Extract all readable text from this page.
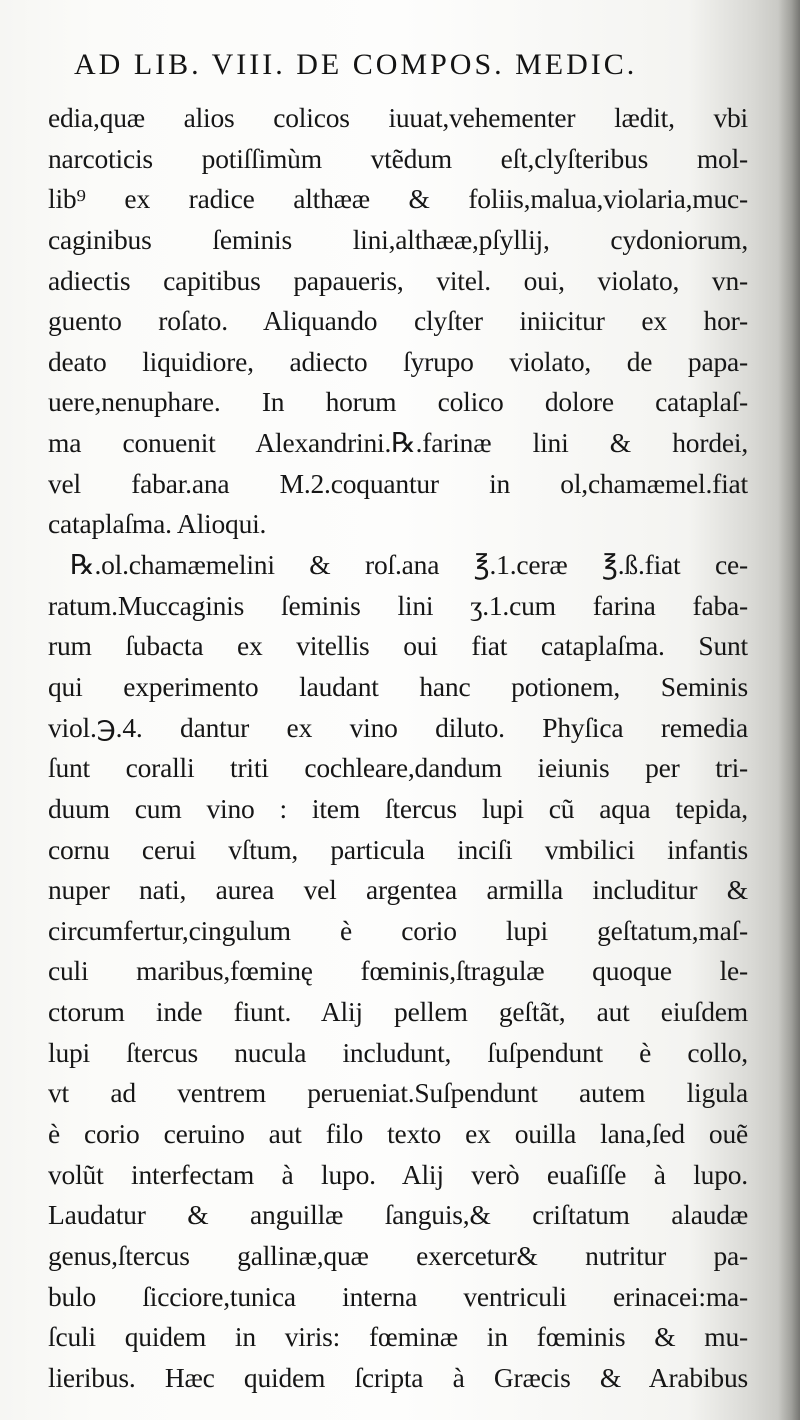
AD LIB. VIII. DE COMPOS. MEDIC.
edia,quæ alios colicos iuuat,vehementer lædit, vbi
narcoticis potiſſimùm vtẽdum eſt,clyſteribus mol-
lib⁹ ex radice althææ & foliis,malua,violaria,muc-
caginibus ſeminis lini,althææ,pſyllij, cydoniorum,
adiectis capitibus papaueris, vitel. oui, violato, vn-
guento roſato. Aliquando clyſter iniicitur ex hor-
deato liquidiore, adiecto ſyrupo violato, de papa-
uere,nenuphare. In horum colico dolore cataplaſ-
ma conuenit Alexandrini.℞.farinæ lini & hordei,
vel fabar.ana M.2.coquantur in ol,chamæmel.fiat
cataplaſma. Alioqui.
℞.ol.chamæmelini & roſ.ana ℥.1.ceræ ℥.ß.fiat ce-
ratum.Muccaginis ſeminis lini ʒ.1.cum farina faba-
rum ſubacta ex vitellis oui fiat cataplaſma. Sunt
qui experimento laudant hanc potionem, Seminis
viol.℈.4. dantur ex vino diluto. Phyſica remedia
ſunt coralli triti cochleare,dandum ieiunis per tri-
duum cum vino : item ſtercus lupi cũ aqua tepida,
cornu cerui vſtum, particula inciſi vmbilici infantis
nuper nati, aurea vel argentea armilla includitur &
circumfertur,cingulum è corio lupi geſtatum,maſ-
culi maribus,fœminę fœminis,ſtragulæ quoque le-
ctorum inde fiunt. Alij pellem geſtãt, aut eiuſdem
lupi ſtercus nucula includunt, ſuſpendunt è collo,
vt ad ventrem perueniat.Suſpendunt autem ligula
è corio ceruino aut filo texto ex ouilla lana,ſed ouẽ
volũt interfectam à lupo. Alij verò euaſiſſe à lupo.
Laudatur & anguillæ ſanguis,& criſtatum alaudæ
genus,ſtercus gallinæ,quæ exercetur& nutritur pa-
bulo ſicciore,tunica interna ventriculi erinacei:ma-
ſculi quidem in viris: fœminæ in fœminis & mu-
lieribus. Hæc quidem ſcripta à Græcis & Arabibus
